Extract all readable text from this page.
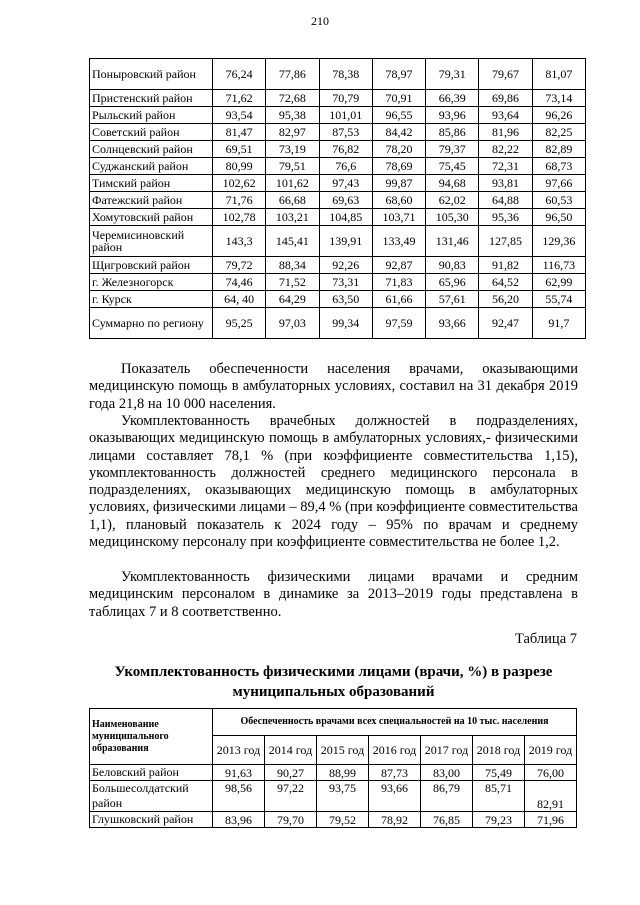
210
Поныровский район	76,24	77,86	78,38	78,97	79,31	79,67	81,07
Пристенский район	71,62	72,68	70,79	70,91	66,39	69,86	73,14
Рыльский район	93,54	95,38	101,01	96,55	93,96	93,64	96,26
Советский район	81,47	82,97	87,53	84,42	85,86	81,96	82,25
Солнцевский район	69,51	73,19	76,82	78,20	79,37	82,22	82,89
Суджанский район	80,99	79,51	76,6	78,69	75,45	72,31	68,73
Тимский район	102,62	101,62	97,43	99,87	94,68	93,81	97,66
Фатежский район	71,76	66,68	69,63	68,60	62,02	64,88	60,53
Хомутовский район	102,78	103,21	104,85	103,71	105,30	95,36	96,50
Черемисиновский район	143,3	145,41	139,91	133,49	131,46	127,85	129,36
Щигровский район	79,72	88,34	92,26	92,87	90,83	91,82	116,73
г. Железногорск	74,46	71,52	73,31	71,83	65,96	64,52	62,99
г. Курск	64, 40	64,29	63,50	61,66	57,61	56,20	55,74
Суммарно по региону	95,25	97,03	99,34	97,59	93,66	92,47	91,7

Показатель обеспеченности населения врачами, оказывающими медицинскую помощь в амбулаторных условиях, составил на 31 декабря 2019 года 21,8 на 10 000 населения.

Укомплектованность врачебных должностей в подразделениях, оказывающих медицинскую помощь в амбулаторных условиях,- физическими лицами составляет 78,1 % (при коэффициенте совместительства 1,15), укомплектованность должностей среднего медицинского персонала в подразделениях, оказывающих медицинскую помощь в амбулаторных условиях, физическими лицами – 89,4 % (при коэффициенте совместительства 1,1), плановый показатель к 2024 году – 95% по врачам и среднему медицинскому персоналу при коэффициенте совместительства не более 1,2.

Укомплектованность физическими лицами врачами и средним медицинским персоналом в динамике за 2013–2019 годы представлена в таблицах 7 и 8 соответственно.

Таблица 7
Укомплектованность физическими лицами (врачи, %) в разрезе муниципальных образований
Наименование муниципального образования	Обеспеченность врачами всех специальностей на 10 тыс. населения						
	2013 год	2014 год	2015 год	2016 год	2017 год	2018 год	2019 год
Беловский район	91,63	90,27	88,99	87,73	83,00	75,49	76,00
Большесолдатский район	98,56	97,22	93,75	93,66	86,79	85,71	82,91
Глушковский район	83,96	79,70	79,52	78,92	76,85	79,23	71,96
